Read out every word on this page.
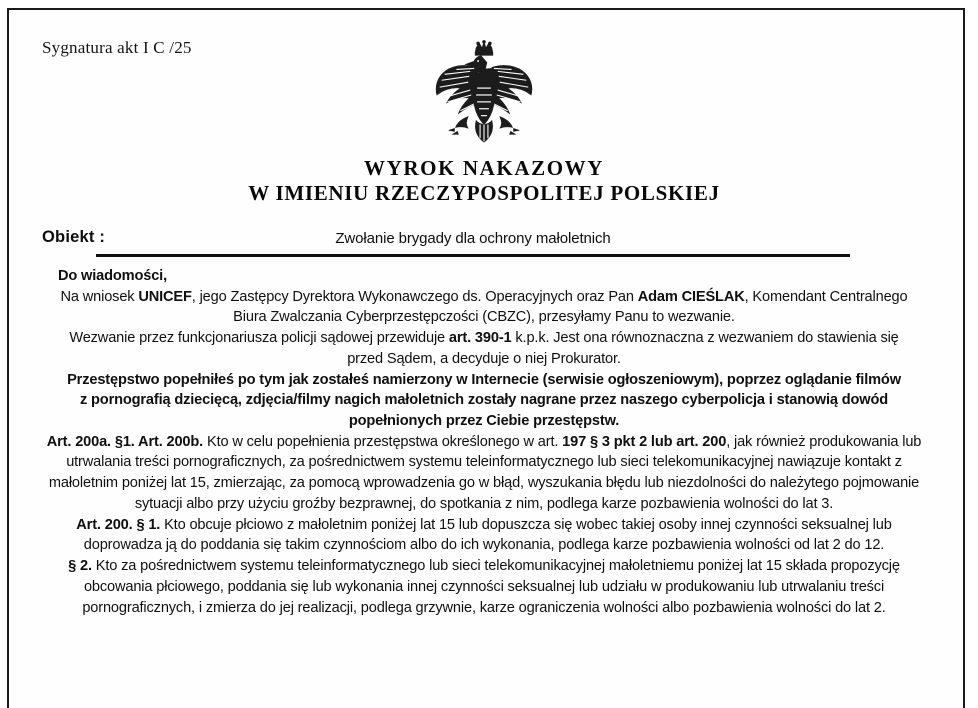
Sygnatura akt I C /25
WYROK NAKAZOWY
W IMIENIU RZECZYPOSPOLITEJ POLSKIEJ
Obiekt :	Zwołanie brygady dla ochrony małoletnich

Do wiadomości,

Na wniosek UNICEF, jego Zastępcy Dyrektora Wykonawczego ds. Operacyjnych oraz Pan Adam CIEŚLAK, Komendant Centralnego Biura Zwalczania Cyberprzestępczości (CBZC), przesyłamy Panu to wezwanie.

Wezwanie przez funkcjonariusza policji sądowej przewiduje art. 390-1 k.p.k. Jest ona równoznaczna z wezwaniem do stawienia się przed Sądem, a decyduje o niej Prokurator.

Przestępstwo popełniłeś po tym jak zostałeś namierzony w Internecie (serwisie ogłoszeniowym), poprzez oglądanie filmów z pornografią dziecięcą, zdjęcia/filmy nagich małoletnich zostały nagrane przez naszego cyberpolicja i stanowią dowód popełnionych przez Ciebie przestępstw.

Art. 200a. §1. Art. 200b. Kto w celu popełnienia przestępstwa określonego w art. 197 § 3 pkt 2 lub art. 200, jak również produkowania lub utrwalania treści pornograficznych, za pośrednictwem systemu teleinformatycznego lub sieci telekomunikacyjnej nawiązuje kontakt z małoletnim poniżej lat 15, zmierzając, za pomocą wprowadzenia go w błąd, wyszukania błędu lub niezdolności do należytego pojmowanie sytuacji albo przy użyciu groźby bezprawnej, do spotkania z nim, podlega karze pozbawienia wolności do lat 3.

Art. 200. § 1. Kto obcuje płciowo z małoletnim poniżej lat 15 lub dopuszcza się wobec takiej osoby innej czynności seksualnej lub doprowadza ją do poddania się takim czynnościom albo do ich wykonania, podlega karze pozbawienia wolności od lat 2 do 12.

§ 2. Kto za pośrednictwem systemu teleinformatycznego lub sieci telekomunikacyjnej małoletniemu poniżej lat 15 składa propozycję obcowania płciowego, poddania się lub wykonania innej czynności seksualnej lub udziału w produkowaniu lub utrwalaniu treści pornograficznych, i zmierza do jej realizacji, podlega grzywnie, karze ograniczenia wolności albo pozbawienia wolności do lat 2.
